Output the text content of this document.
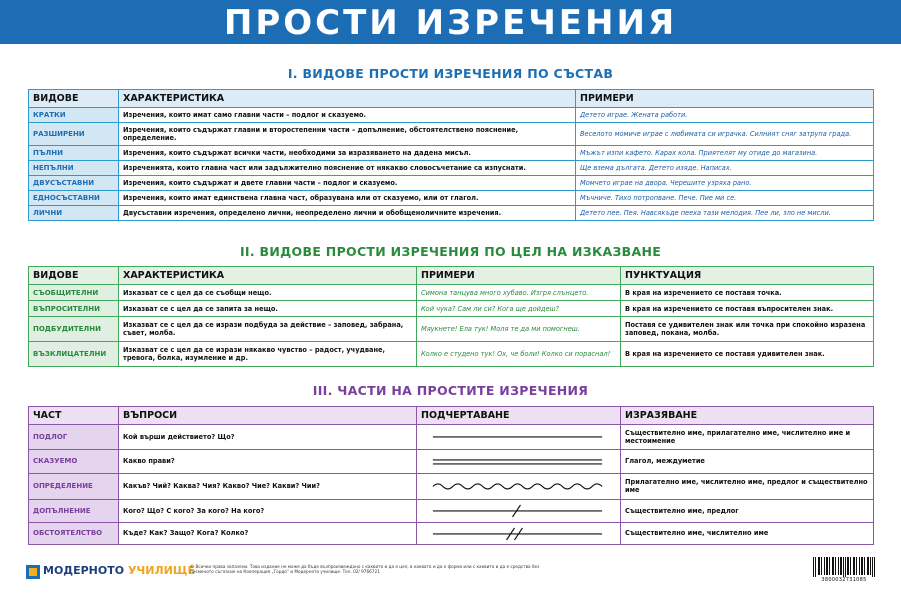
ПРОСТИ ИЗРЕЧЕНИЯ
I. ВИДОВЕ ПРОСТИ ИЗРЕЧЕНИЯ ПО СЪСТАВ
ВИДОВЕ	ХАРАКТЕРИСТИКА	ПРИМЕРИ
КРАТКИ	Изречения, които имат само главни части – подлог и сказуемо.	Детето играе. Жената работи.
РАЗШИРЕНИ	Изречения, които съдържат главни и второстепенни части – допълнение, обстоятелствено пояснение, определение.	Веселото момиче играе с любимата си играчка. Силният сняг затрупа града.
ПЪЛНИ	Изречения, които съдържат всички части, необходими за изразяването на дадена мисъл.	Мъжът изпи кафето. Карах кола. Приятелят му отиде до магазина.
НЕПЪЛНИ	Изреченията, които главна част или задължително пояснение от някакво словосъчетание са изпуснати.	Ще взема дългата. Детето изяде. Написах.
ДВУСЪСТАВНИ	Изречения, които съдържат и двете главни части – подлог и сказуемо.	Момчето играе на двора. Черешите узряха рано.
ЕДНОСЪСТАВНИ	Изречения, които имат единствена главна част, образувана или от сказуемо, или от глагол.	Мъчниче. Тихо потропване. Пече. Пие ми се.
ЛИЧНИ	Двусъставни изречения, определено лични, неопределено лични и обобщеноличните изречения.	Детето пее. Пея. Навсякъде пееха тази мелодия. Пее ли, зло не мисли.
II. ВИДОВЕ ПРОСТИ ИЗРЕЧЕНИЯ ПО ЦЕЛ НА ИЗКАЗВАНЕ
ВИДОВЕ	ХАРАКТЕРИСТИКА	ПРИМЕРИ	ПУНКТУАЦИЯ
СЪОБЩИТЕЛНИ	Изказват се с цел да се съобщи нещо.	Симона танцува много хубаво. Изгря слънцето.	В края на изречението се поставя точка.
ВЪПРОСИТЕЛНИ	Изказват се с цел да се запита за нещо.	Кой чука? Сам ли си? Кога ще дойдеш?	В края на изречението се поставя въпросителен знак.
ПОДБУДИТЕЛНИ	Изказват се с цел да се изрази подбуда за действие – заповед, забрана, съвет, молба.	Мяукнете! Ела тук! Моля те да ми помогнеш.	Поставя се удивителен знак или точка при спокойно изразена заповед, покана, молба.
ВЪЗКЛИЦАТЕЛНИ	Изказват се с цел да се изрази някакво чувство – радост, учудване, тревога, болка, изумление и др.	Колко е студено тук! Ох, че боли! Колко си пораснал!	В края на изречението се поставя удивителен знак.
III. ЧАСТИ НА ПРОСТИТЕ ИЗРЕЧЕНИЯ
ЧАСТ	ВЪПРОСИ	ПОДЧЕРТАВАНЕ	ИЗРАЗЯВАНЕ
ПОДЛОГ	Кой върши действието? Що?		Съществително име, прилагателно име, числително име и местоимение
СКАЗУЕМО	Какво прави?		Глагол, междуметие
ОПРЕДЕЛЕНИЕ	Какъв? Чий? Каква? Чия? Какво? Чие? Какви? Чии?		Прилагателно име, числително име, предлог и съществително име
ДОПЪЛНЕНИЕ	Кого? Що? С кого? За кого? На кого?		Съществително име, предлог
ОБСТОЯТЕЛСТВО	Къде? Как? Защо? Кога? Колко?		Съществително име, числително име
МОДЕРНОТО УЧИЛИЩЕ
© Всички права запазени. Това издание не може да бъде възпроизвеждано с каквито и да е цел, в каквато и да е форма или с каквито и да е средства без писменото съгласие на Кооперация „Гордо“ и Модерното училище. Тел. 02/ 9766721
3800032731085
